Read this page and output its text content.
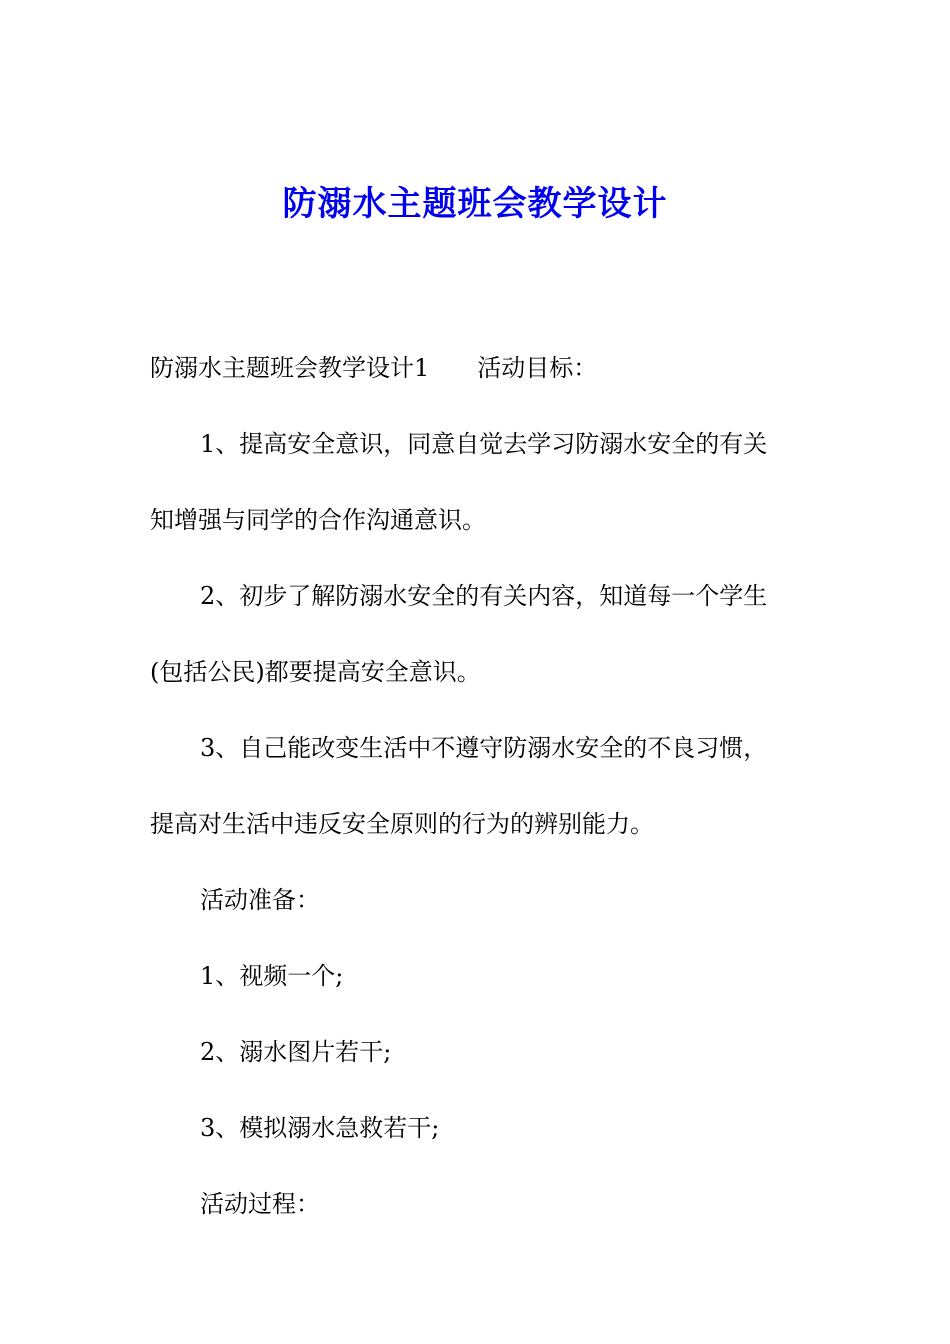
防溺水主题班会教学设计

防溺水主题班会教学设计1 活动目标：

1、提高安全意识，同意自觉去学习防溺水安全的有关

知增强与同学的合作沟通意识。

2、初步了解防溺水安全的有关内容，知道每一个学生

(包括公民)都要提高安全意识。

3、自己能改变生活中不遵守防溺水安全的不良习惯，

提高对生活中违反安全原则的行为的辨别能力。

活动准备：

1、视频一个;

2、溺水图片若干;

3、模拟溺水急救若干;

活动过程：
